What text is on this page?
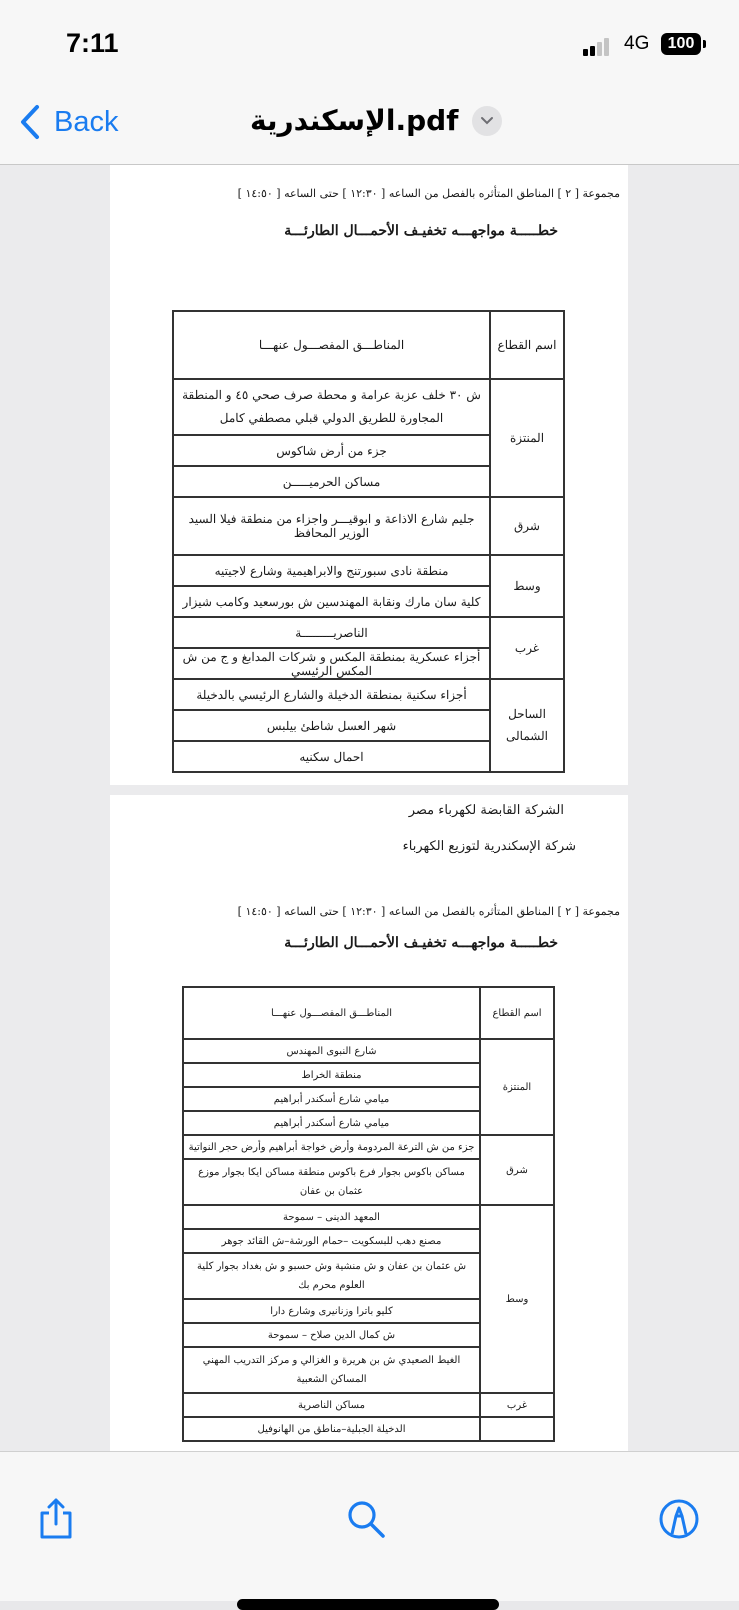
7:11	4G	100
Back	الإسكندرية.pdf
مجموعة [ ٢ ] المناطق المتأثره بالفصل من الساعه [ ١٢:٣٠ ] حتى الساعه [ ١٤:٥٠ ]
خطـــــة مواجهـــه تخفيـف الأحمـــال الطارئـــة
اسم القطاع	المناطـــق المفصـــول عنهـــا
المنتزة	ش ٣٠ خلف عزبة عرامة و محطة صرف صحي ٤٥ و المنطقة المجاورة للطريق الدولي قبلي مصطفي كامل
	جزء من أرض شاكوس
	مساكن الحرميـــــن
شرق	جليم شارع الاذاعة و ابوقيـــر واجزاء من منطقة فيلا السيد الوزير المحافظ
وسط	منطقة نادى سبورتنج والابراهيمية وشارع لاجيتيه
	كلية سان مارك ونقابة المهندسين ش بورسعيد وكامب شيزار
غرب	الناصريـــــــــة
	أجزاء عسكرية بمنطقة المكس و شركات المدابغ و ج من ش المكس الرئيسي
الساحل الشمالى	أجزاء سكنية بمنطقة الدخيلة والشارع الرئيسي بالدخيلة
	شهر العسل شاطئ بيلبس
	احمال سكنيه
الشركة القابضة لكهرباء مصر
شركة الإسكندرية لتوزيع الكهرباء
مجموعة [ ٢ ] المناطق المتأثره بالفصل من الساعه [ ١٢:٣٠ ] حتى الساعه [ ١٤:٥٠ ]
خطـــــة مواجهـــه تخفيـف الأحمـــال الطارئـــة
اسم القطاع	المناطـــق المفصـــول عنهـــا
المنتزة	شارع النبوى المهندس
	منطقة الخراط
	ميامي شارع أسكندر أبراهيم
	ميامي شارع أسكندر أبراهيم
شرق	جزء من ش الترعة المردومة وأرض خواجة أبراهيم وأرض حجر النواتية
	مساكن باكوس بجوار فرع باكوس منطقة مساكن ايكا بجوار موزع عثمان بن عفان
وسط	المعهد الدينى – سموحة
	مصنع دهب للبسكويت –حمام الورشة–ش القائد جوهر
	ش عثمان بن عفان و ش منشية وش حسبو و ش بغداد بجوار كلية العلوم محرم بك
	كليو باترا وزنانيرى وشارع دارا
	ش كمال الدين صلاح – سموحة
	الغيط الصعيدي ش بن هريرة و الغزالي و مركز التدريب المهني المساكن الشعبية
غرب	مساكن الناصرية
	الدخيلة الجبلية–مناطق من الهانوفيل
